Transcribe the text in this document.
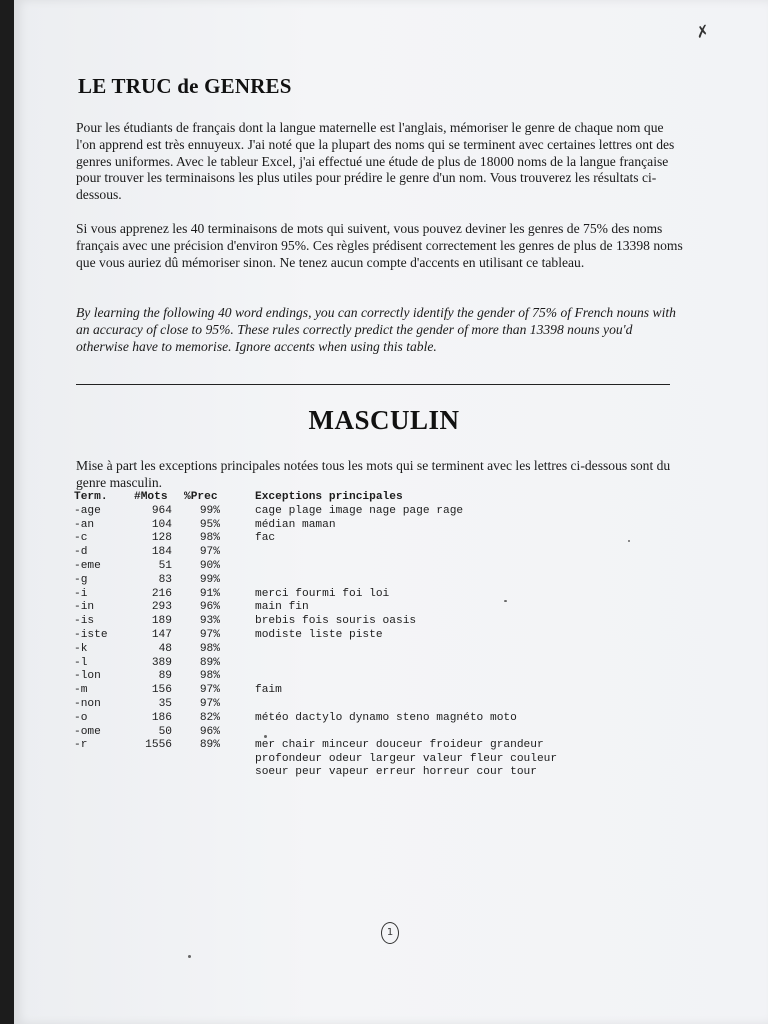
✗
LE TRUC de GENRES

Pour les étudiants de français dont la langue maternelle est l'anglais, mémoriser le genre de chaque nom que l'on apprend est très ennuyeux. J'ai noté que la plupart des noms qui se terminent avec certaines lettres ont des genres uniformes. Avec le tableur Excel, j'ai effectué une étude de plus de 18000 noms de la langue française pour trouver les terminaisons les plus utiles pour prédire le genre d'un nom. Vous trouverez les résultats ci-dessous.

Si vous apprenez les 40 terminaisons de mots qui suivent, vous pouvez deviner les genres de 75% des noms français avec une précision d'environ 95%. Ces règles prédisent correctement les genres de plus de 13398 noms que vous auriez dû mémoriser sinon. Ne tenez aucun compte d'accents en utilisant ce tableau.

By learning the following 40 word endings, you can correctly identify the gender of 75% of French nouns with an accuracy of close to 95%. These rules correctly predict the gender of more than 13398 nouns you'd otherwise have to memorise. Ignore accents when using this table.

MASCULIN

Mise à part les exceptions principales notées tous les mots qui se terminent avec les lettres ci-dessous sont du genre masculin.

Term.	#Mots %Prec	Exceptions principales
-age	964	99%	cage plage image nage page rage
-an	104	95%	médian maman
-c	128	98%	fac
-d	184	97%
-eme	51	90%
-g	83	99%
-i	216	91%	merci fourmi foi loi
-in	293	96%	main fin
-is	189	93%	brebis fois souris oasis
-iste	147	97%	modiste liste piste
-k	48	98%
-l	389	89%
-lon	89	98%
-m	156	97%	faim
-non	35	97%
-o	186	82%	météo dactylo dynamo steno magnéto moto
-ome	50	96%
-r	1556	89%	mer chair minceur douceur froideur grandeur
profondeur odeur largeur valeur fleur couleur
soeur peur vapeur erreur horreur cour tour
1
